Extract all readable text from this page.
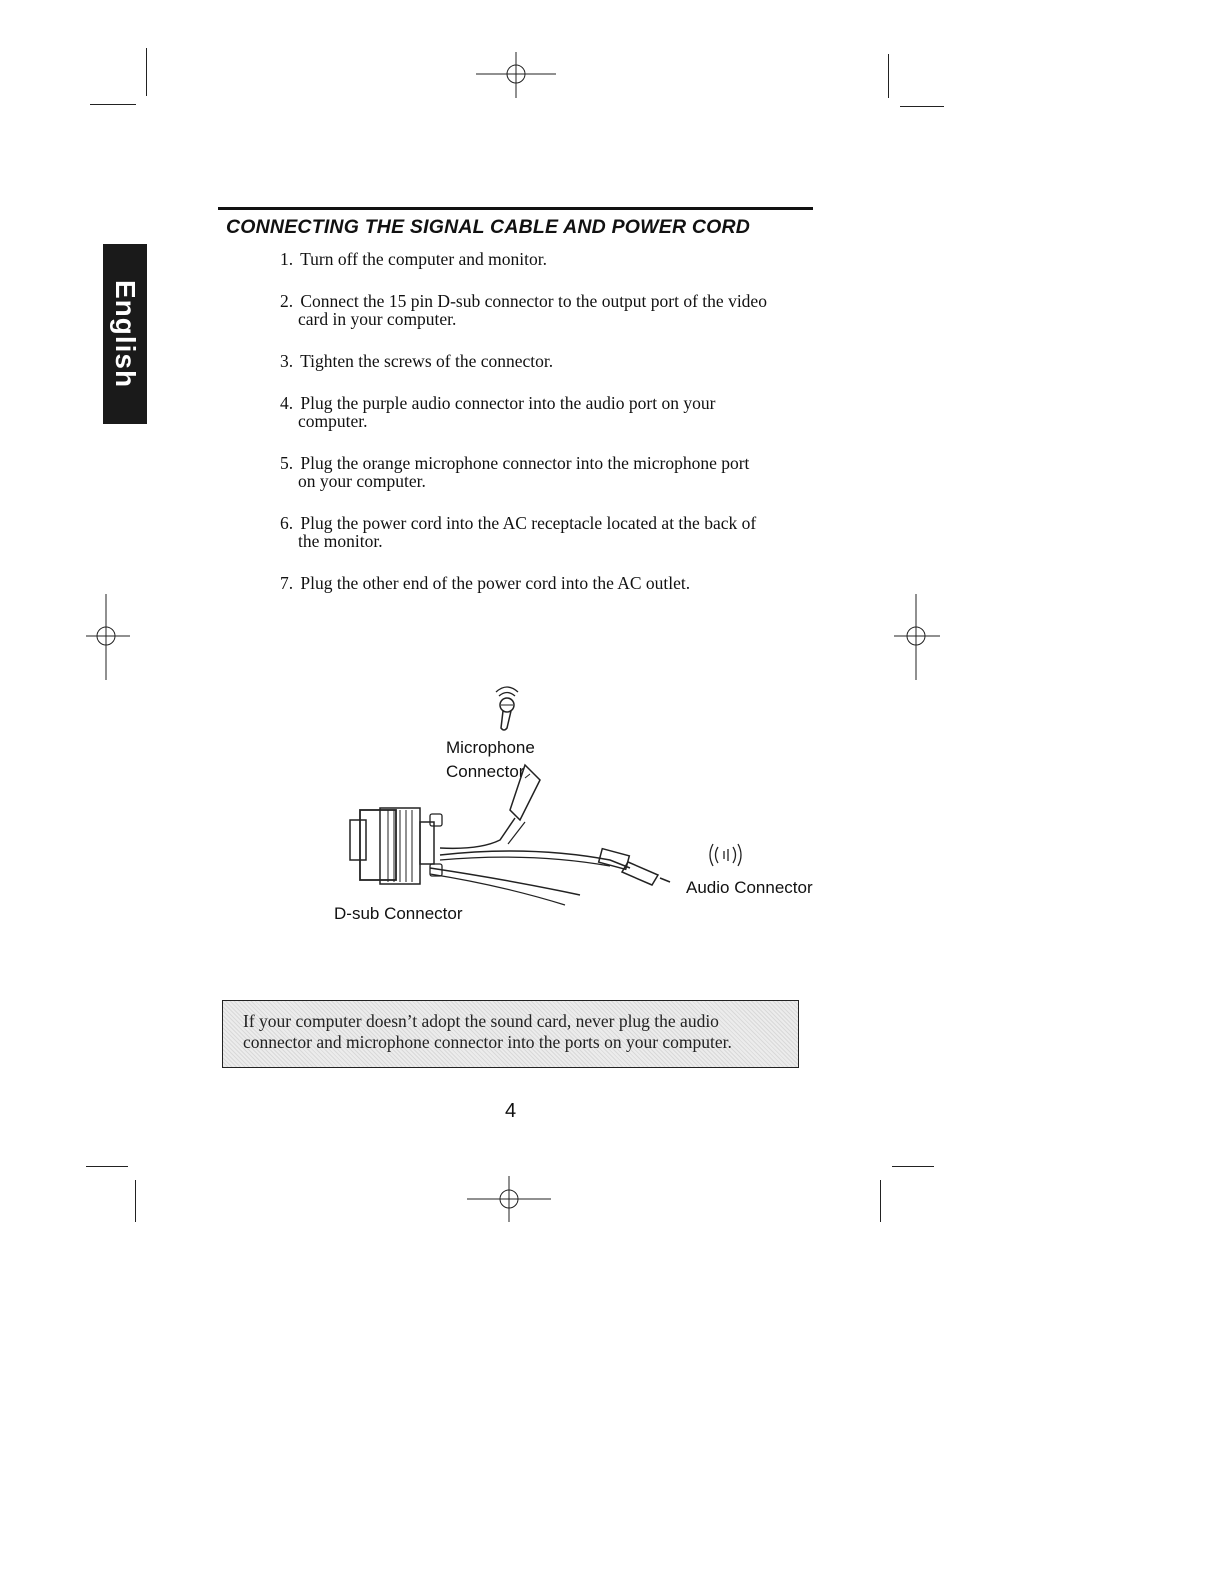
English
CONNECTING THE SIGNAL CABLE AND POWER CORD
1. Turn off the computer and monitor.
2. Connect the 15 pin D-sub connector to the output port of the video
card in your computer.
3. Tighten the screws of the connector.
4. Plug the purple audio connector into the audio port on your
computer.
5. Plug the orange microphone connector into the microphone port
on your computer.
6. Plug the power cord into the AC receptacle located at the back of
the monitor.
7. Plug the other end of the power cord into the AC outlet.
Microphone
Connector
D-sub Connector
Audio Connector

If your computer doesn’t adopt the sound card, never plug the audio
connector and microphone connector into the ports on your computer.

4
